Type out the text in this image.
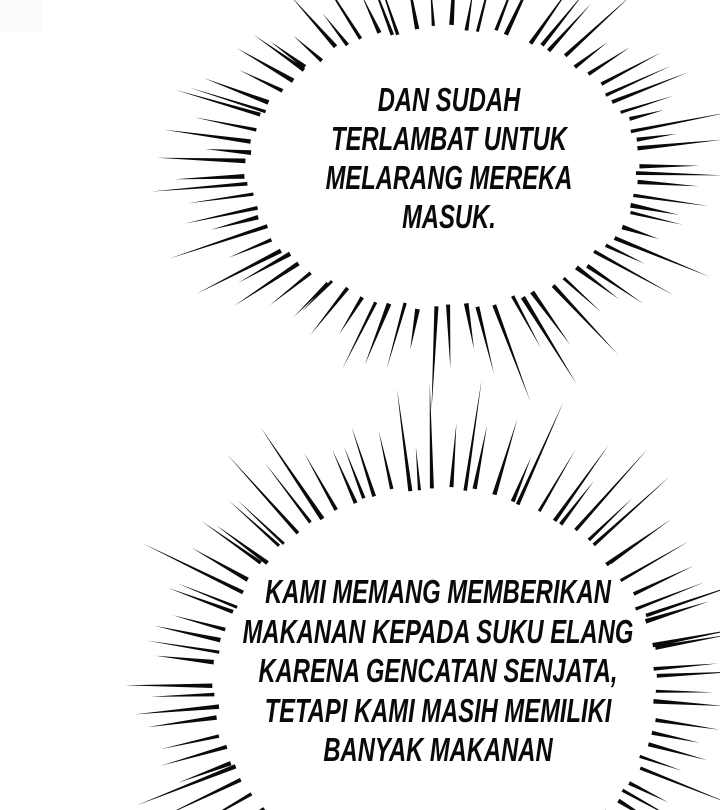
DAN SUDAH
TERLAMBAT UNTUK
MELARANG MEREKA
MASUK.
KAMI MEMANG MEMBERIKAN
MAKANAN KEPADA SUKU ELANG
KARENA GENCATAN SENJATA,
TETAPI KAMI MASIH MEMILIKI
BANYAK MAKANAN
